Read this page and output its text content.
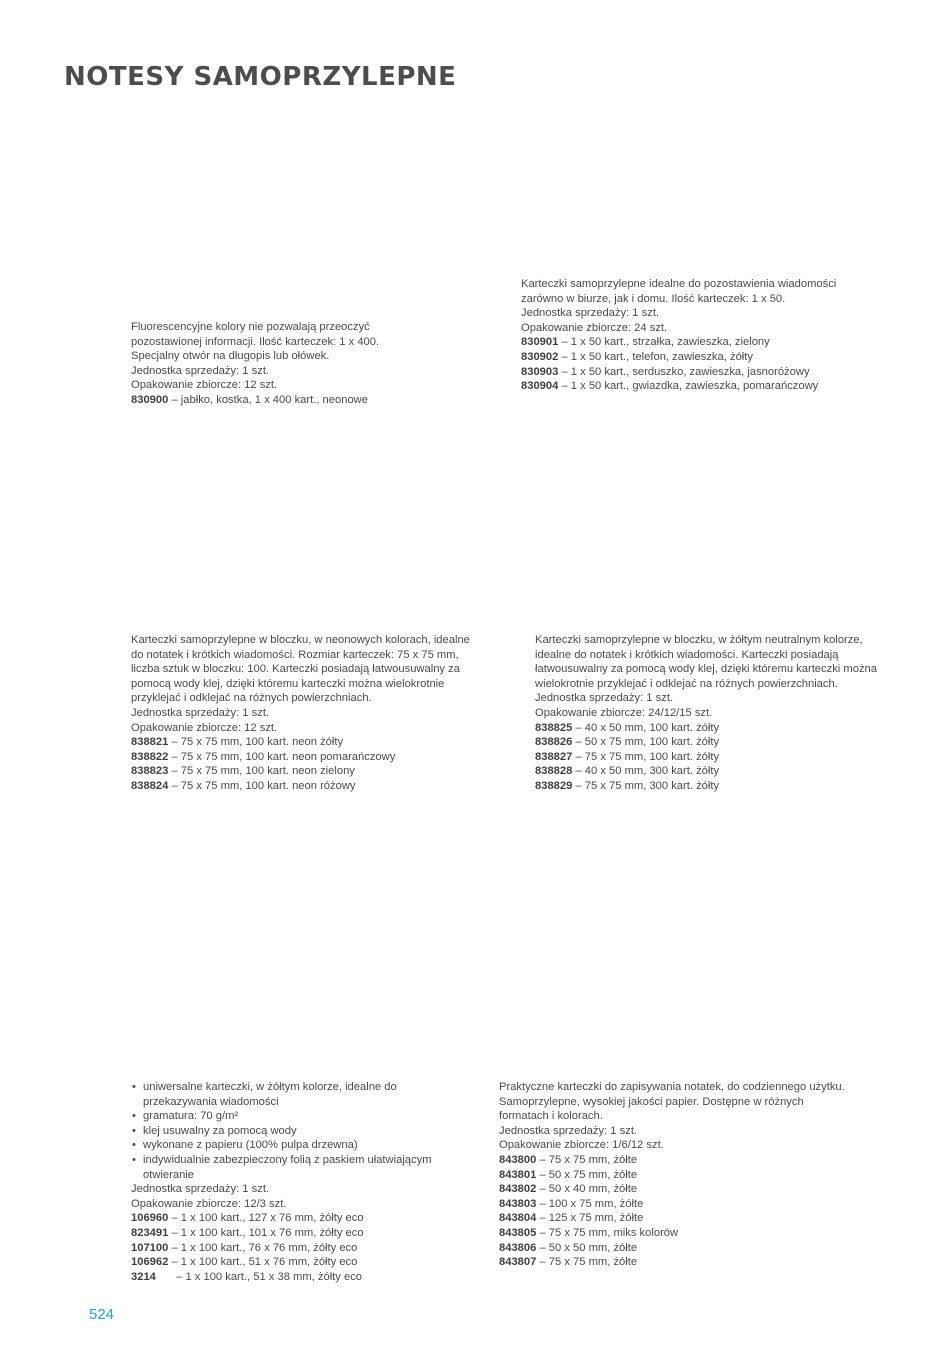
NOTESY SAMOPRZYLEPNE
Fluorescencyjne kolory nie pozwalają przeoczyć
pozostawionej informacji. Ilość karteczek: 1 x 400.
Specjalny otwór na długopis lub ołówek.
Jednostka sprzedaży: 1 szt.
Opakowanie zbiorcze: 12 szt.
830900 – jabłko, kostka, 1 x 400 kart., neonowe
Karteczki samoprzylepne idealne do pozostawienia wiadomości
zarówno w biurze, jak i domu. Ilość karteczek: 1 x 50.
Jednostka sprzedaży: 1 szt.
Opakowanie zbiorcze: 24 szt.
830901 – 1 x 50 kart., strzałka, zawieszka, zielony
830902 – 1 x 50 kart., telefon, zawieszka, żółty
830903 – 1 x 50 kart., serduszko, zawieszka, jasnoróżowy
830904 – 1 x 50 kart., gwiazdka, zawieszka, pomarańczowy
Karteczki samoprzylepne w bloczku, w neonowych kolorach, idealne
do notatek i krótkich wiadomości. Rozmiar karteczek: 75 x 75 mm,
liczba sztuk w bloczku: 100. Karteczki posiadają łatwousuwalny za
pomocą wody klej, dzięki któremu karteczki można wielokrotnie
przyklejać i odklejać na różnych powierzchniach.
Jednostka sprzedaży: 1 szt.
Opakowanie zbiorcze: 12 szt.
838821 – 75 x 75 mm, 100 kart. neon żółty
838822 – 75 x 75 mm, 100 kart. neon pomarańczowy
838823 – 75 x 75 mm, 100 kart. neon zielony
838824 – 75 x 75 mm, 100 kart. neon różowy
Karteczki samoprzylepne w bloczku, w żółtym neutralnym kolorze,
idealne do notatek i krótkich wiadomości. Karteczki posiadają
łatwousuwalny za pomocą wody klej, dzięki któremu karteczki można
wielokrotnie przyklejać i odklejać na różnych powierzchniach.
Jednostka sprzedaży: 1 szt.
Opakowanie zbiorcze: 24/12/15 szt.
838825 – 40 x 50 mm, 100 kart. żółty
838826 – 50 x 75 mm, 100 kart. żółty
838827 – 75 x 75 mm, 100 kart. żółty
838828 – 40 x 50 mm, 300 kart. żółty
838829 – 75 x 75 mm, 300 kart. żółty
• uniwersalne karteczki, w żółtym kolorze, idealne do
przekazywania wiadomości
• gramatura: 70 g/m²
• klej usuwalny za pomocą wody
• wykonane z papieru (100% pulpa drzewna)
• indywidualnie zabezpieczony folią z paskiem ułatwiającym
otwieranie
Jednostka sprzedaży: 1 szt.
Opakowanie zbiorcze: 12/3 szt.
106960 – 1 x 100 kart., 127 x 76 mm, żółty eco
823491 – 1 x 100 kart., 101 x 76 mm, żółty eco
107100 – 1 x 100 kart., 76 x 76 mm, żółty eco
106962 – 1 x 100 kart., 51 x 76 mm, żółty eco
3214 – 1 x 100 kart., 51 x 38 mm, żółty eco
Praktyczne karteczki do zapisywania notatek, do codziennego użytku.
Samoprzylepne, wysokiej jakości papier. Dostępne w różnych
formatach i kolorach.
Jednostka sprzedaży: 1 szt.
Opakowanie zbiorcze: 1/6/12 szt.
843800 – 75 x 75 mm, żółte
843801 – 50 x 75 mm, żółte
843802 – 50 x 40 mm, żółte
843803 – 100 x 75 mm, żółte
843804 – 125 x 75 mm, żółte
843805 – 75 x 75 mm, miks kolorów
843806 – 50 x 50 mm, żółte
843807 – 75 x 75 mm, żółte
524
